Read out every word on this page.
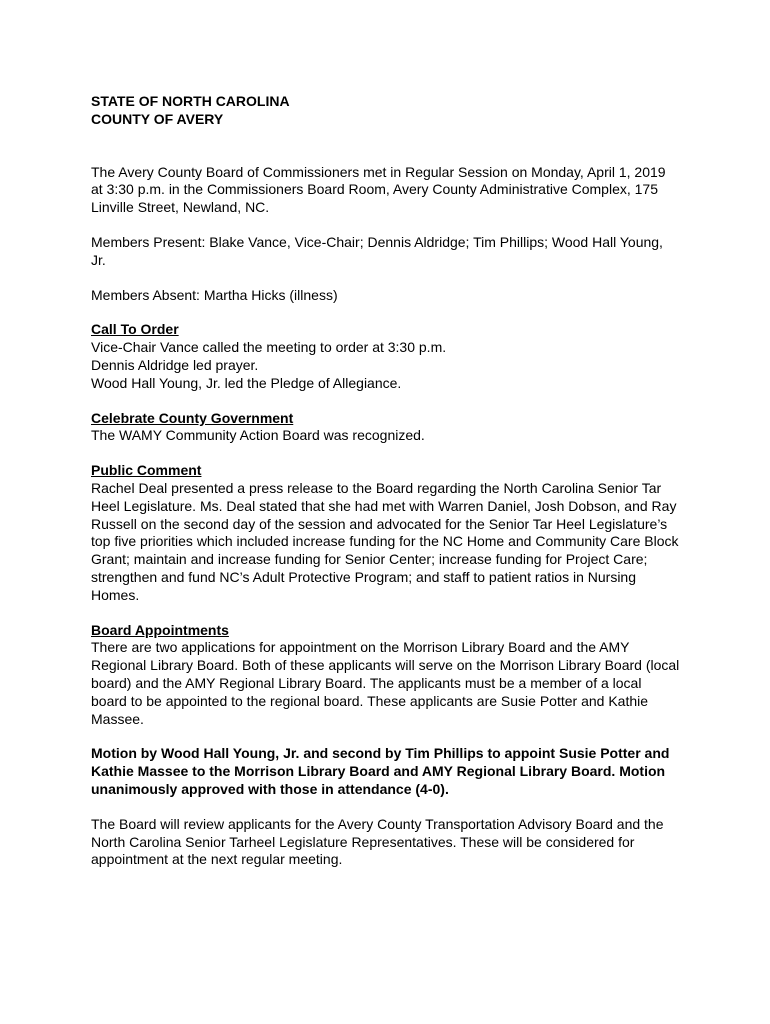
STATE OF NORTH CAROLINA
COUNTY OF AVERY

The Avery County Board of Commissioners met in Regular Session on Monday, April 1, 2019 at 3:30 p.m. in the Commissioners Board Room, Avery County Administrative Complex, 175 Linville Street, Newland, NC.

Members Present: Blake Vance, Vice-Chair; Dennis Aldridge; Tim Phillips; Wood Hall Young, Jr.

Members Absent: Martha Hicks (illness)

Call To Order
Vice-Chair Vance called the meeting to order at 3:30 p.m.
Dennis Aldridge led prayer.
Wood Hall Young, Jr. led the Pledge of Allegiance.
Celebrate County Government
The WAMY Community Action Board was recognized.
Public Comment
Rachel Deal presented a press release to the Board regarding the North Carolina Senior Tar Heel Legislature. Ms. Deal stated that she had met with Warren Daniel, Josh Dobson, and Ray Russell on the second day of the session and advocated for the Senior Tar Heel Legislature’s top five priorities which included increase funding for the NC Home and Community Care Block Grant; maintain and increase funding for Senior Center; increase funding for Project Care; strengthen and fund NC’s Adult Protective Program; and staff to patient ratios in Nursing Homes.
Board Appointments
There are two applications for appointment on the Morrison Library Board and the AMY Regional Library Board. Both of these applicants will serve on the Morrison Library Board (local board) and the AMY Regional Library Board. The applicants must be a member of a local board to be appointed to the regional board. These applicants are Susie Potter and Kathie Massee.

Motion by Wood Hall Young, Jr. and second by Tim Phillips to appoint Susie Potter and Kathie Massee to the Morrison Library Board and AMY Regional Library Board. Motion unanimously approved with those in attendance (4-0).

The Board will review applicants for the Avery County Transportation Advisory Board and the North Carolina Senior Tarheel Legislature Representatives. These will be considered for appointment at the next regular meeting.
